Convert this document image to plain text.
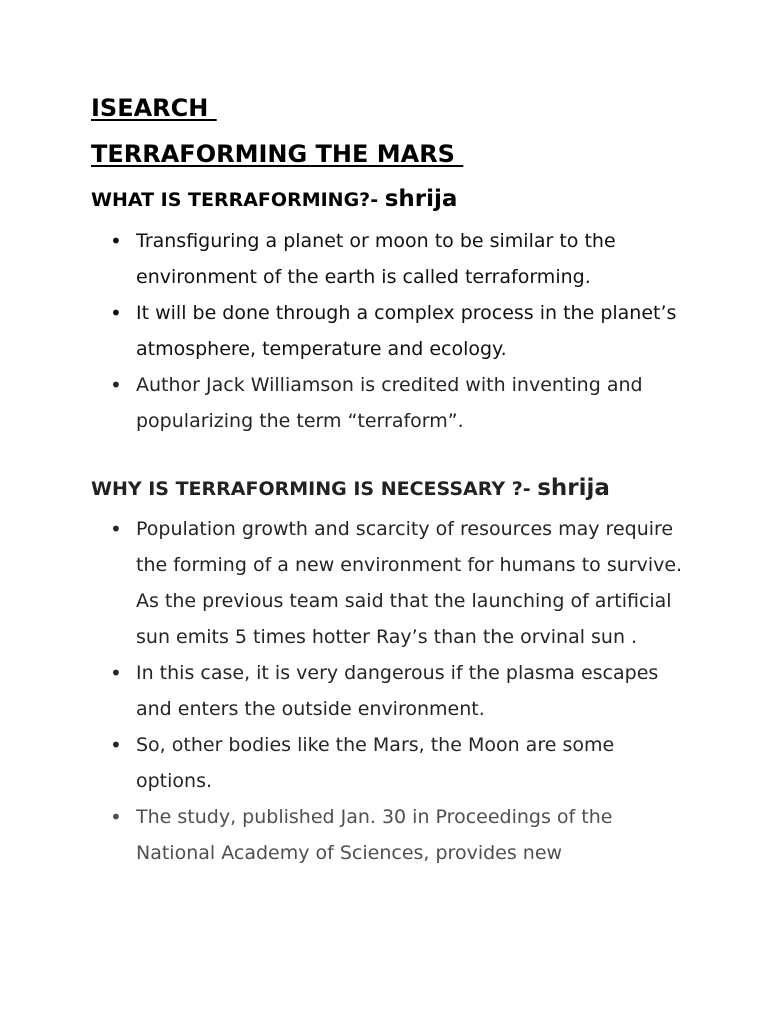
ISEARCH
TERRAFORMING THE MARS
WHAT IS TERRAFORMING?- shrija
• Transfiguring a planet or moon to be similar to the environment of the earth is called terraforming.
• It will be done through a complex process in the planet’s atmosphere, temperature and ecology.
• Author Jack Williamson is credited with inventing and popularizing the term “terraform”.
WHY IS TERRAFORMING IS NECESSARY ?- shrija
• Population growth and scarcity of resources may require the forming of a new environment for humans to survive. As the previous team said that the launching of artificial sun emits 5 times hotter Ray’s than the orvinal sun .
• In this case, it is very dangerous if the plasma escapes and enters the outside environment.
• So, other bodies like the Mars, the Moon are some options.
• The study, published Jan. 30 in Proceedings of the National Academy of Sciences, provides new
